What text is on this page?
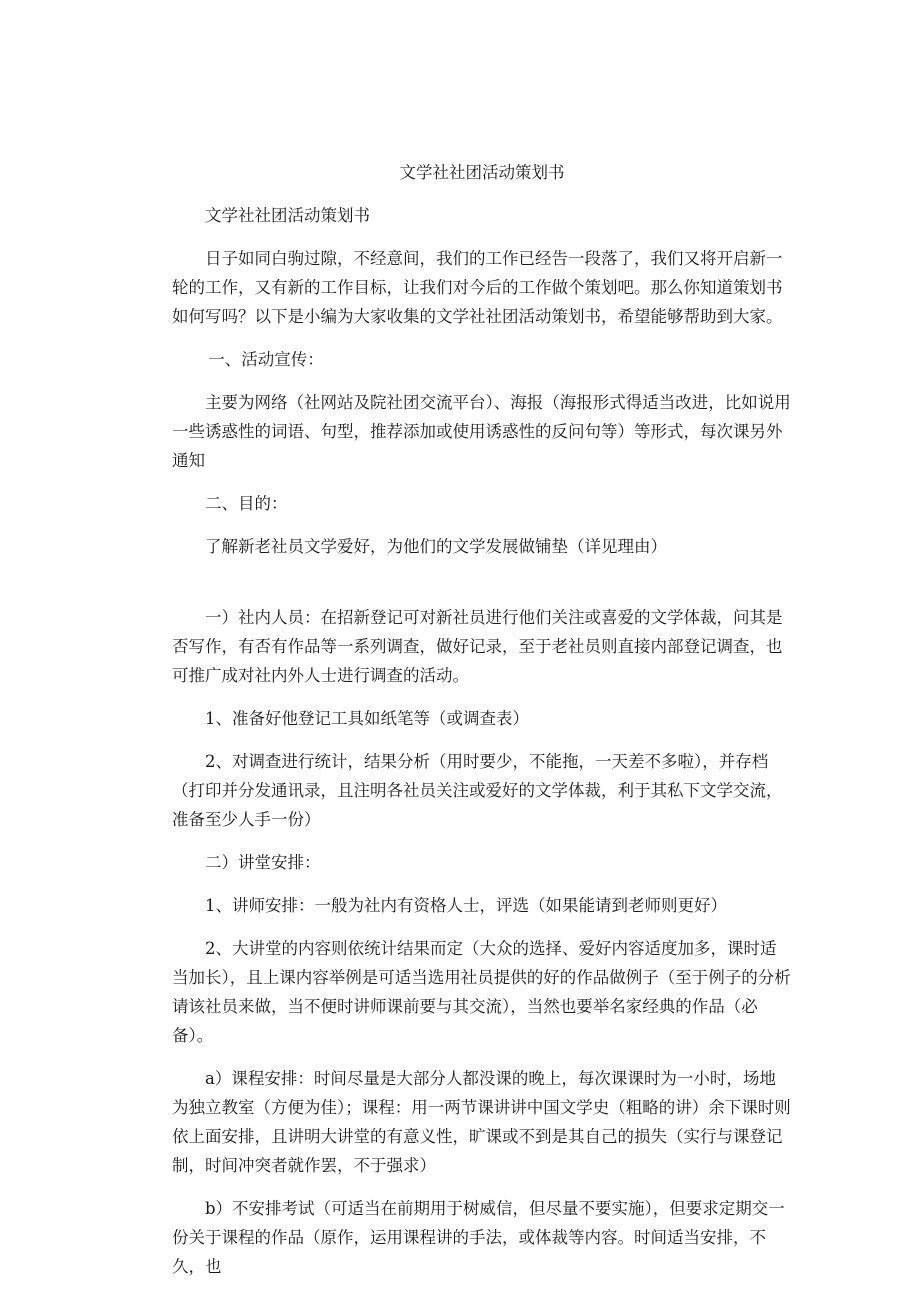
文学社社团活动策划书

文学社社团活动策划书

日子如同白驹过隙，不经意间，我们的工作已经告一段落了，我们又将开启新一轮的工作，又有新的工作目标，让我们对今后的工作做个策划吧。那么你知道策划书如何写吗？以下是小编为大家收集的文学社社团活动策划书，希望能够帮助到大家。

一、活动宣传：

主要为网络（社网站及院社团交流平台）、海报（海报形式得适当改进，比如说用一些诱惑性的词语、句型，推荐添加或使用诱惑性的反问句等）等形式，每次课另外通知

二、目的：

了解新老社员文学爱好，为他们的文学发展做铺垫（详见理由）

一）社内人员：在招新登记可对新社员进行他们关注或喜爱的文学体裁，问其是否写作，有否有作品等一系列调查，做好记录，至于老社员则直接内部登记调查，也可推广成对社内外人士进行调查的活动。

1、准备好他登记工具如纸笔等（或调查表）

2、对调查进行统计，结果分析（用时要少，不能拖，一天差不多啦），并存档（打印并分发通讯录，且注明各社员关注或爱好的文学体裁，利于其私下文学交流，准备至少人手一份）

二）讲堂安排：

1、讲师安排：一般为社内有资格人士，评选（如果能请到老师则更好）

2、大讲堂的内容则依统计结果而定（大众的选择、爱好内容适度加多，课时适当加长），且上课内容举例是可适当选用社员提供的好的作品做例子（至于例子的分析请该社员来做，当不便时讲师课前要与其交流），当然也要举名家经典的作品（必备）。

a）课程安排：时间尽量是大部分人都没课的晚上，每次课课时为一小时，场地为独立教室（方便为佳）；课程：用一两节课讲讲中国文学史（粗略的讲）余下课时则依上面安排，且讲明大讲堂的有意义性，旷课或不到是其自己的损失（实行与课登记制，时间冲突者就作罢，不于强求）

b）不安排考试（可适当在前期用于树威信，但尽量不要实施），但要求定期交一份关于课程的作品（原作，运用课程讲的手法，或体裁等内容。时间适当安排，不久，也
